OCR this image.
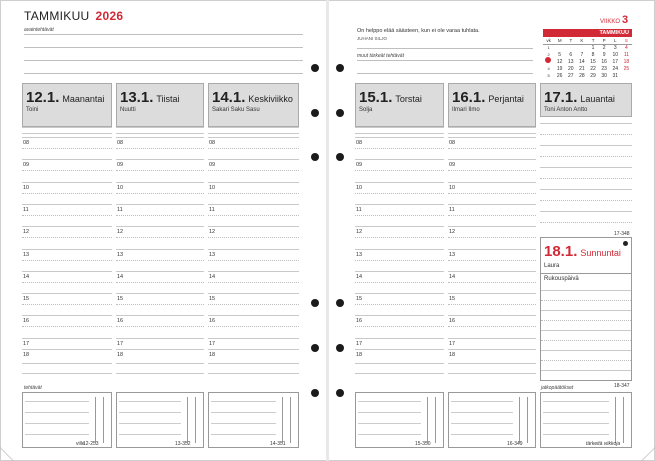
TAMMIKUU 2026
avaintehtävät
VIIKKO 3
On helppo elää säästeen, kun ei ole varaa tuhlata.
JUHANI SILJO
muut tärkeät tehtävät
TAMMIKUU
vk	M	T	K	T	P	L	S
1				1	2	3	4
2	5	6	7	8	9	10	11
	12	13	14	15	16	17	18
4	19	20	21	22	23	24	25
5	26	27	28	29	30	31	
12.1. Maanantai
Toini
08
09
10
11
12
13
14
15
16
17
18
12-253
13.1. Tiistai
Nuutti
08
09
10
11
12
13
14
15
16
17
18
13-352
14.1. Keskiviikko
Sakari Saku Sasu
08
09
10
11
12
13
14
15
16
17
18
14-351
15.1. Torstai
Solja
08
09
10
11
12
13
14
15
16
17
18
15-350
16.1. Perjantai
Ilmari Ilmo
08
09
10
11
12
13
14
15
16
17
18
16-349
17.1. Lauantai
Toni Anton Antto
18.1. Sunnuntai
Laura
Rukouspäivä
tehtävät	jatkopäätökset
ville	tärkeitä viikkoja
17-348
18-347
